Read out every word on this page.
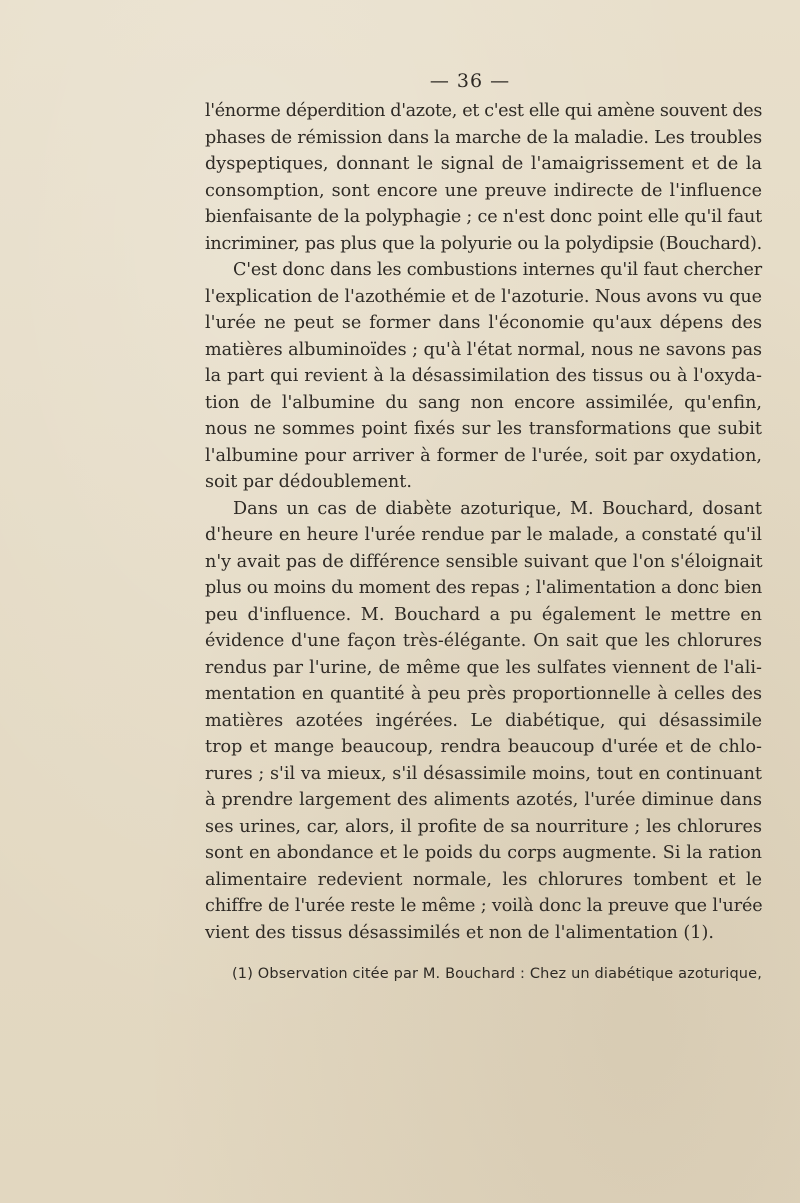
— 36 —
l'énorme déperdition d'azote, et c'est elle qui amène souvent des
phases de rémission dans la marche de la maladie. Les troubles
dyspeptiques, donnant le signal de l'amaigrissement et de la
consomption, sont encore une preuve indirecte de l'influence
bienfaisante de la polyphagie ; ce n'est donc point elle qu'il faut
incriminer, pas plus que la polyurie ou la polydipsie (Bouchard).
C'est donc dans les combustions internes qu'il faut chercher
l'explication de l'azothémie et de l'azoturie. Nous avons vu que
l'urée ne peut se former dans l'économie qu'aux dépens des
matières albuminoïdes ; qu'à l'état normal, nous ne savons pas
la part qui revient à la désassimilation des tissus ou à l'oxyda-
tion de l'albumine du sang non encore assimilée, qu'enfin,
nous ne sommes point fixés sur les transformations que subit
l'albumine pour arriver à former de l'urée, soit par oxydation,
soit par dédoublement.
Dans un cas de diabète azoturique, M. Bouchard, dosant
d'heure en heure l'urée rendue par le malade, a constaté qu'il
n'y avait pas de différence sensible suivant que l'on s'éloignait
plus ou moins du moment des repas ; l'alimentation a donc bien
peu d'influence. M. Bouchard a pu également le mettre en
évidence d'une façon très-élégante. On sait que les chlorures
rendus par l'urine, de même que les sulfates viennent de l'ali-
mentation en quantité à peu près proportionnelle à celles des
matières azotées ingérées. Le diabétique, qui désassimile
trop et mange beaucoup, rendra beaucoup d'urée et de chlo-
rures ; s'il va mieux, s'il désassimile moins, tout en continuant
à prendre largement des aliments azotés, l'urée diminue dans
ses urines, car, alors, il profite de sa nourriture ; les chlorures
sont en abondance et le poids du corps augmente. Si la ration
alimentaire redevient normale, les chlorures tombent et le
chiffre de l'urée reste le même ; voilà donc la preuve que l'urée
vient des tissus désassimilés et non de l'alimentation (1).
(1) Observation citée par M. Bouchard : Chez un diabétique azoturique,
